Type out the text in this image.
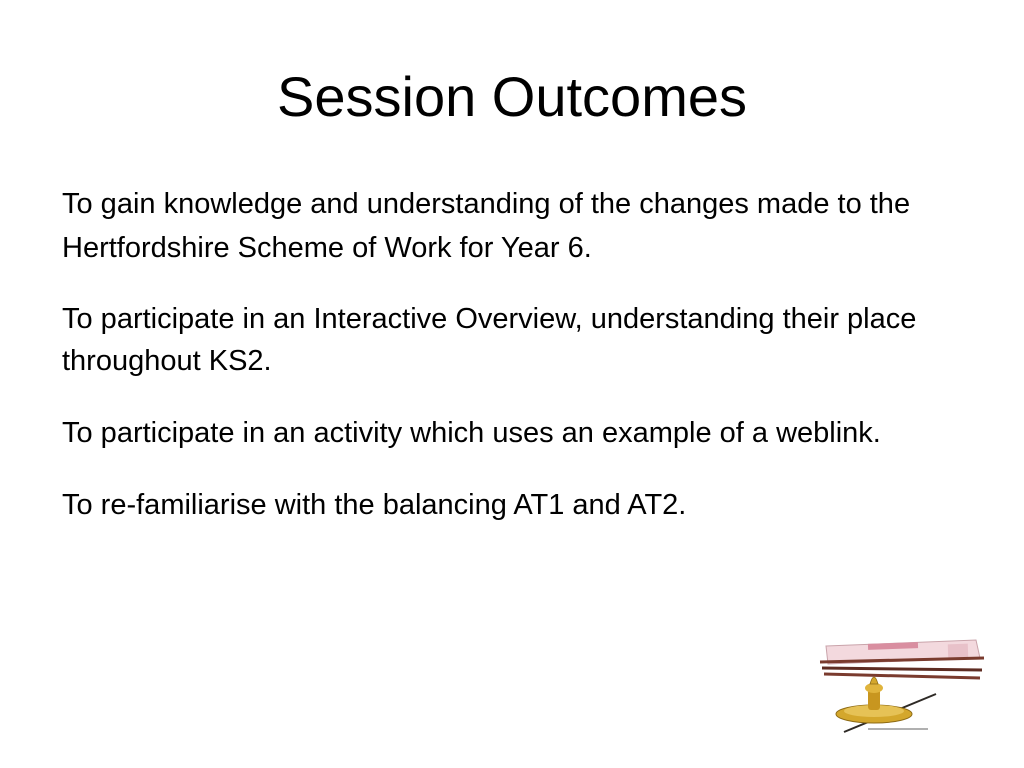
Session Outcomes
To gain knowledge and understanding of the changes made to the Hertfordshire Scheme of Work for Year 6.
To participate in an Interactive Overview, understanding their place throughout KS2.
To participate in an activity which uses an example of a weblink.
To re-familiarise with the balancing AT1 and AT2.
